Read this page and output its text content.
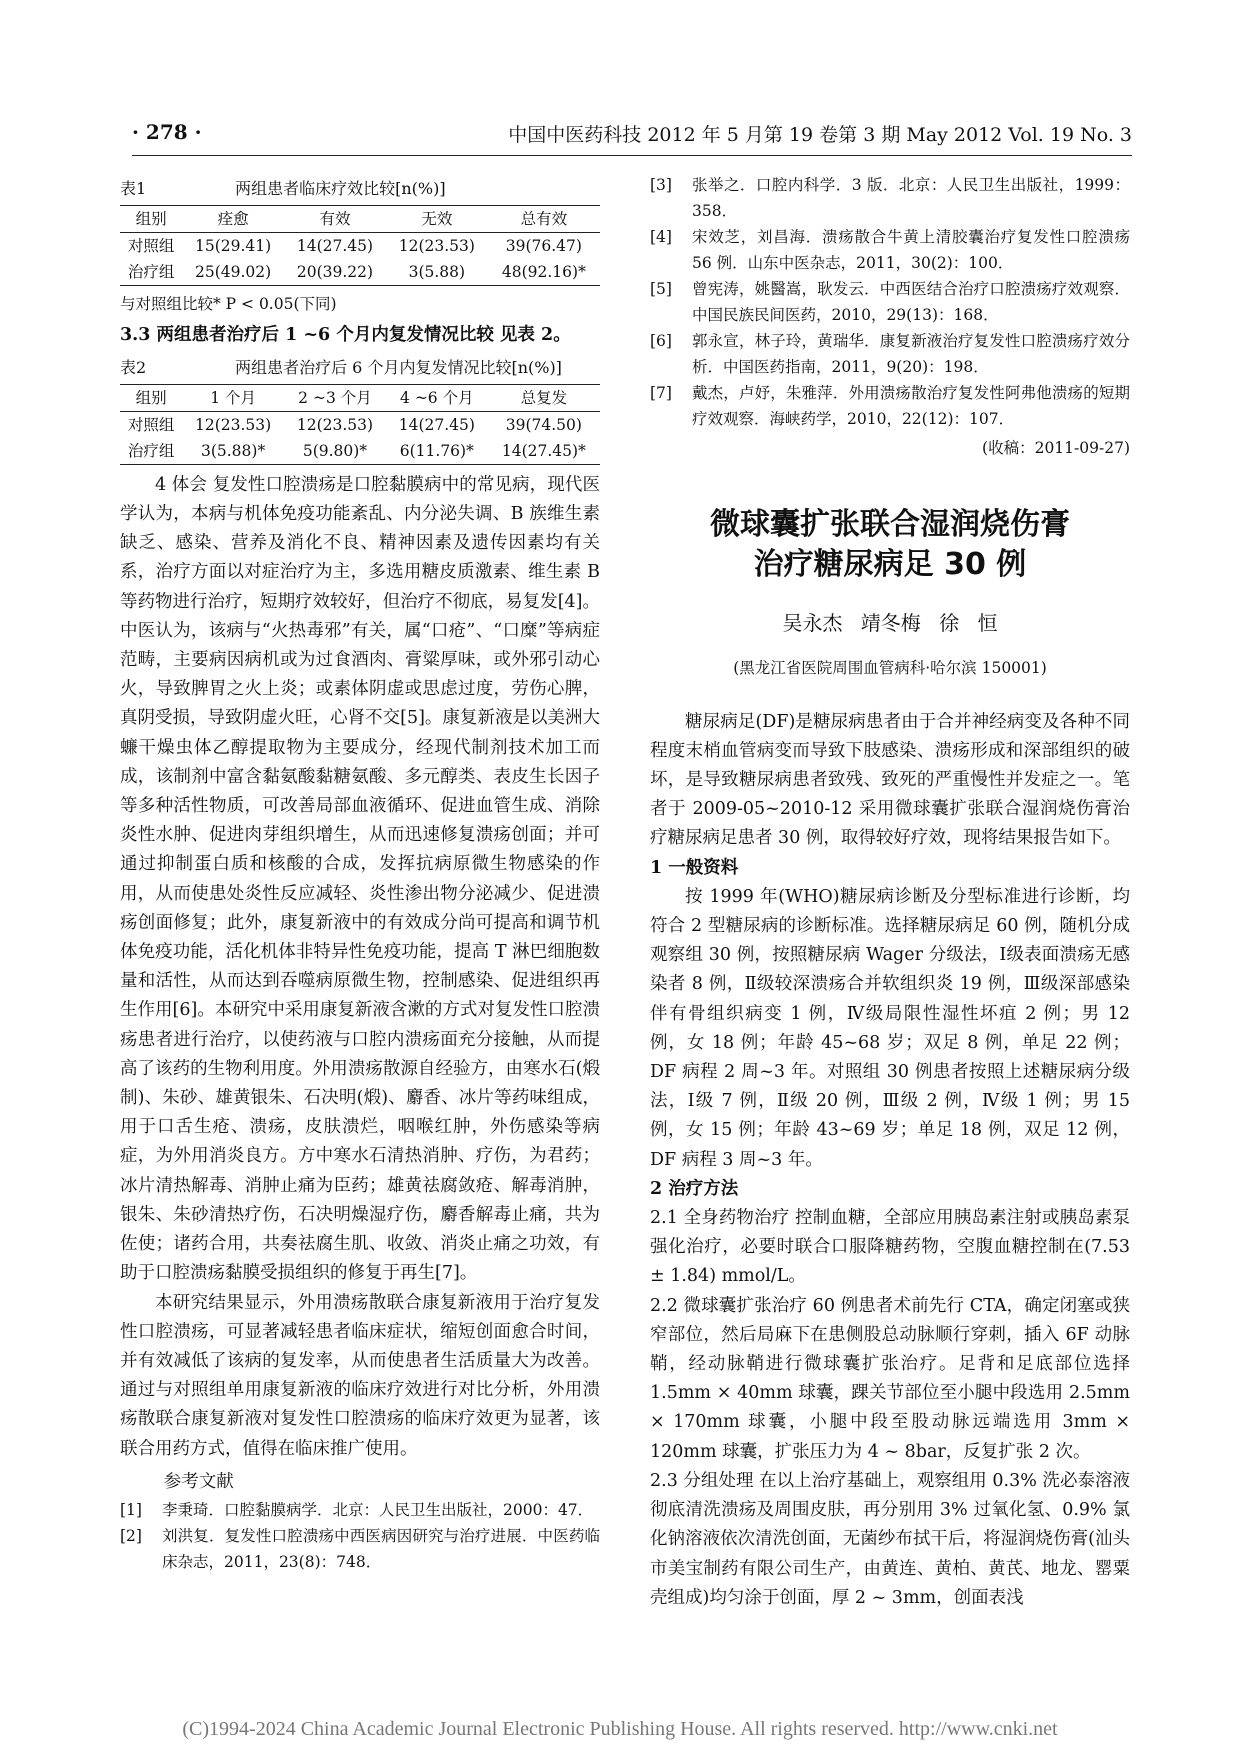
· 278 ·	中国中医药科技 2012 年 5 月第 19 卷第 3 期 May 2012 Vol. 19 No. 3
表1	两组患者临床疗效比较[n(%)]
组别	痊愈	有效	无效	总有效
对照组	15(29.41)	14(27.45)	12(23.53)	39(76.47)
治疗组	25(49.02)	20(39.22)	3(5.88)	48(92.16)*
与对照组比较* P < 0.05(下同)

3.3 两组患者治疗后 1 ~6 个月内复发情况比较 见表 2。

表2	两组患者治疗后 6 个月内复发情况比较[n(%)]
组别	1 个月	2 ~3 个月	4 ~6 个月	总复发
对照组	12(23.53)	12(23.53)	14(27.45)	39(74.50)
治疗组	3(5.88)*	5(9.80)*	6(11.76)*	14(27.45)*

4 体会 复发性口腔溃疡是口腔黏膜病中的常见病，现代医学认为，本病与机体免疫功能紊乱、内分泌失调、B 族维生素缺乏、感染、营养及消化不良、精神因素及遗传因素均有关系，治疗方面以对症治疗为主，多选用糖皮质激素、维生素 B 等药物进行治疗，短期疗效较好，但治疗不彻底，易复发[4]。中医认为，该病与“火热毒邪”有关，属“口疮”、“口糜”等病症范畴，主要病因病机或为过食酒肉、膏粱厚味，或外邪引动心火，导致脾胃之火上炎；或素体阴虚或思虑过度，劳伤心脾，真阴受损，导致阴虚火旺，心肾不交[5]。康复新液是以美洲大蠊干燥虫体乙醇提取物为主要成分，经现代制剂技术加工而成，该制剂中富含黏氨酸黏糖氨酸、多元醇类、表皮生长因子等多种活性物质，可改善局部血液循环、促进血管生成、消除炎性水肿、促进肉芽组织增生，从而迅速修复溃疡创面；并可通过抑制蛋白质和核酸的合成，发挥抗病原微生物感染的作用，从而使患处炎性反应减轻、炎性渗出物分泌减少、促进溃疡创面修复；此外，康复新液中的有效成分尚可提高和调节机体免疫功能，活化机体非特异性免疫功能，提高 T 淋巴细胞数量和活性，从而达到吞噬病原微生物，控制感染、促进组织再生作用[6]。本研究中采用康复新液含漱的方式对复发性口腔溃疡患者进行治疗，以使药液与口腔内溃疡面充分接触，从而提高了该药的生物利用度。外用溃疡散源自经验方，由寒水石(煅制)、朱砂、雄黄银朱、石决明(煅)、麝香、冰片等药味组成，用于口舌生疮、溃疡，皮肤溃烂，咽喉红肿，外伤感染等病症，为外用消炎良方。方中寒水石清热消肿、疗伤，为君药；冰片清热解毒、消肿止痛为臣药；雄黄祛腐敛疮、解毒消肿，银朱、朱砂清热疗伤，石决明燥湿疗伤，麝香解毒止痛，共为佐使；诸药合用，共奏祛腐生肌、收敛、消炎止痛之功效，有助于口腔溃疡黏膜受损组织的修复于再生[7]。

本研究结果显示，外用溃疡散联合康复新液用于治疗复发性口腔溃疡，可显著减轻患者临床症状，缩短创面愈合时间，并有效减低了该病的复发率，从而使患者生活质量大为改善。通过与对照组单用康复新液的临床疗效进行对比分析，外用溃疡散联合康复新液对复发性口腔溃疡的临床疗效更为显著，该联合用药方式，值得在临床推广使用。

参考文献

[1]	李秉琦．口腔黏膜病学．北京：人民卫生出版社，2000：47．
[2]	刘洪复．复发性口腔溃疡中西医病因研究与治疗进展．中医药临床杂志，2011，23(8)：748．
[3]	张举之．口腔内科学．3 版．北京：人民卫生出版社，1999：358．
[4]	宋效芝，刘昌海．溃疡散合牛黄上清胶囊治疗复发性口腔溃疡 56 例．山东中医杂志，2011，30(2)：100．
[5]	曾宪涛，姚醫嵩，耿发云．中西医结合治疗口腔溃疡疗效观察．中国民族民间医药，2010，29(13)：168．
[6]	郭永宣，林子玲，黄瑞华．康复新液治疗复发性口腔溃疡疗效分析．中国医药指南，2011，9(20)：198．
[7]	戴杰，卢妤，朱雅萍．外用溃疡散治疗复发性阿弗他溃疡的短期疗效观察．海峡药学，2010，22(12)：107．
(收稿：2011-09-27)
微球囊扩张联合湿润烧伤膏
治疗糖尿病足 30 例
吴永杰 靖冬梅 徐 恒
(黑龙江省医院周围血管病科·哈尔滨 150001)

糖尿病足(DF)是糖尿病患者由于合并神经病变及各种不同程度末梢血管病变而导致下肢感染、溃疡形成和深部组织的破坏，是导致糖尿病患者致残、致死的严重慢性并发症之一。笔者于 2009-05~2010-12 采用微球囊扩张联合湿润烧伤膏治疗糖尿病足患者 30 例，取得较好疗效，现将结果报告如下。

1 一般资料

按 1999 年(WHO)糖尿病诊断及分型标准进行诊断，均符合 2 型糖尿病的诊断标准。选择糖尿病足 60 例，随机分成观察组 30 例，按照糖尿病 Wager 分级法，Ⅰ级表面溃疡无感染者 8 例，Ⅱ级较深溃疡合并软组织炎 19 例，Ⅲ级深部感染伴有骨组织病变 1 例，Ⅳ级局限性湿性坏疽 2 例；男 12 例，女 18 例；年龄 45~68 岁；双足 8 例，单足 22 例；DF 病程 2 周~3 年。对照组 30 例患者按照上述糖尿病分级法，Ⅰ级 7 例，Ⅱ级 20 例，Ⅲ级 2 例，Ⅳ级 1 例；男 15 例，女 15 例；年龄 43~69 岁；单足 18 例，双足 12 例，DF 病程 3 周~3 年。

2 治疗方法

2.1 全身药物治疗 控制血糖，全部应用胰岛素注射或胰岛素泵强化治疗，必要时联合口服降糖药物，空腹血糖控制在(7.53 ± 1.84) mmol/L。

2.2 微球囊扩张治疗 60 例患者术前先行 CTA，确定闭塞或狭窄部位，然后局麻下在患侧股总动脉顺行穿刺，插入 6F 动脉鞘，经动脉鞘进行微球囊扩张治疗。足背和足底部位选择 1.5mm × 40mm 球囊，踝关节部位至小腿中段选用 2.5mm × 170mm 球囊，小腿中段至股动脉远端选用 3mm × 120mm 球囊，扩张压力为 4 ~ 8bar，反复扩张 2 次。

2.3 分组处理 在以上治疗基础上，观察组用 0.3% 洗必泰溶液彻底清洗溃疡及周围皮肤，再分别用 3% 过氧化氢、0.9% 氯化钠溶液依次清洗创面，无菌纱布拭干后，将湿润烧伤膏(汕头市美宝制药有限公司生产，由黄连、黄柏、黄芪、地龙、罂粟壳组成)均匀涂于创面，厚 2 ~ 3mm，创面表浅

(C)1994-2024 China Academic Journal Electronic Publishing House. All rights reserved. http://www.cnki.net
